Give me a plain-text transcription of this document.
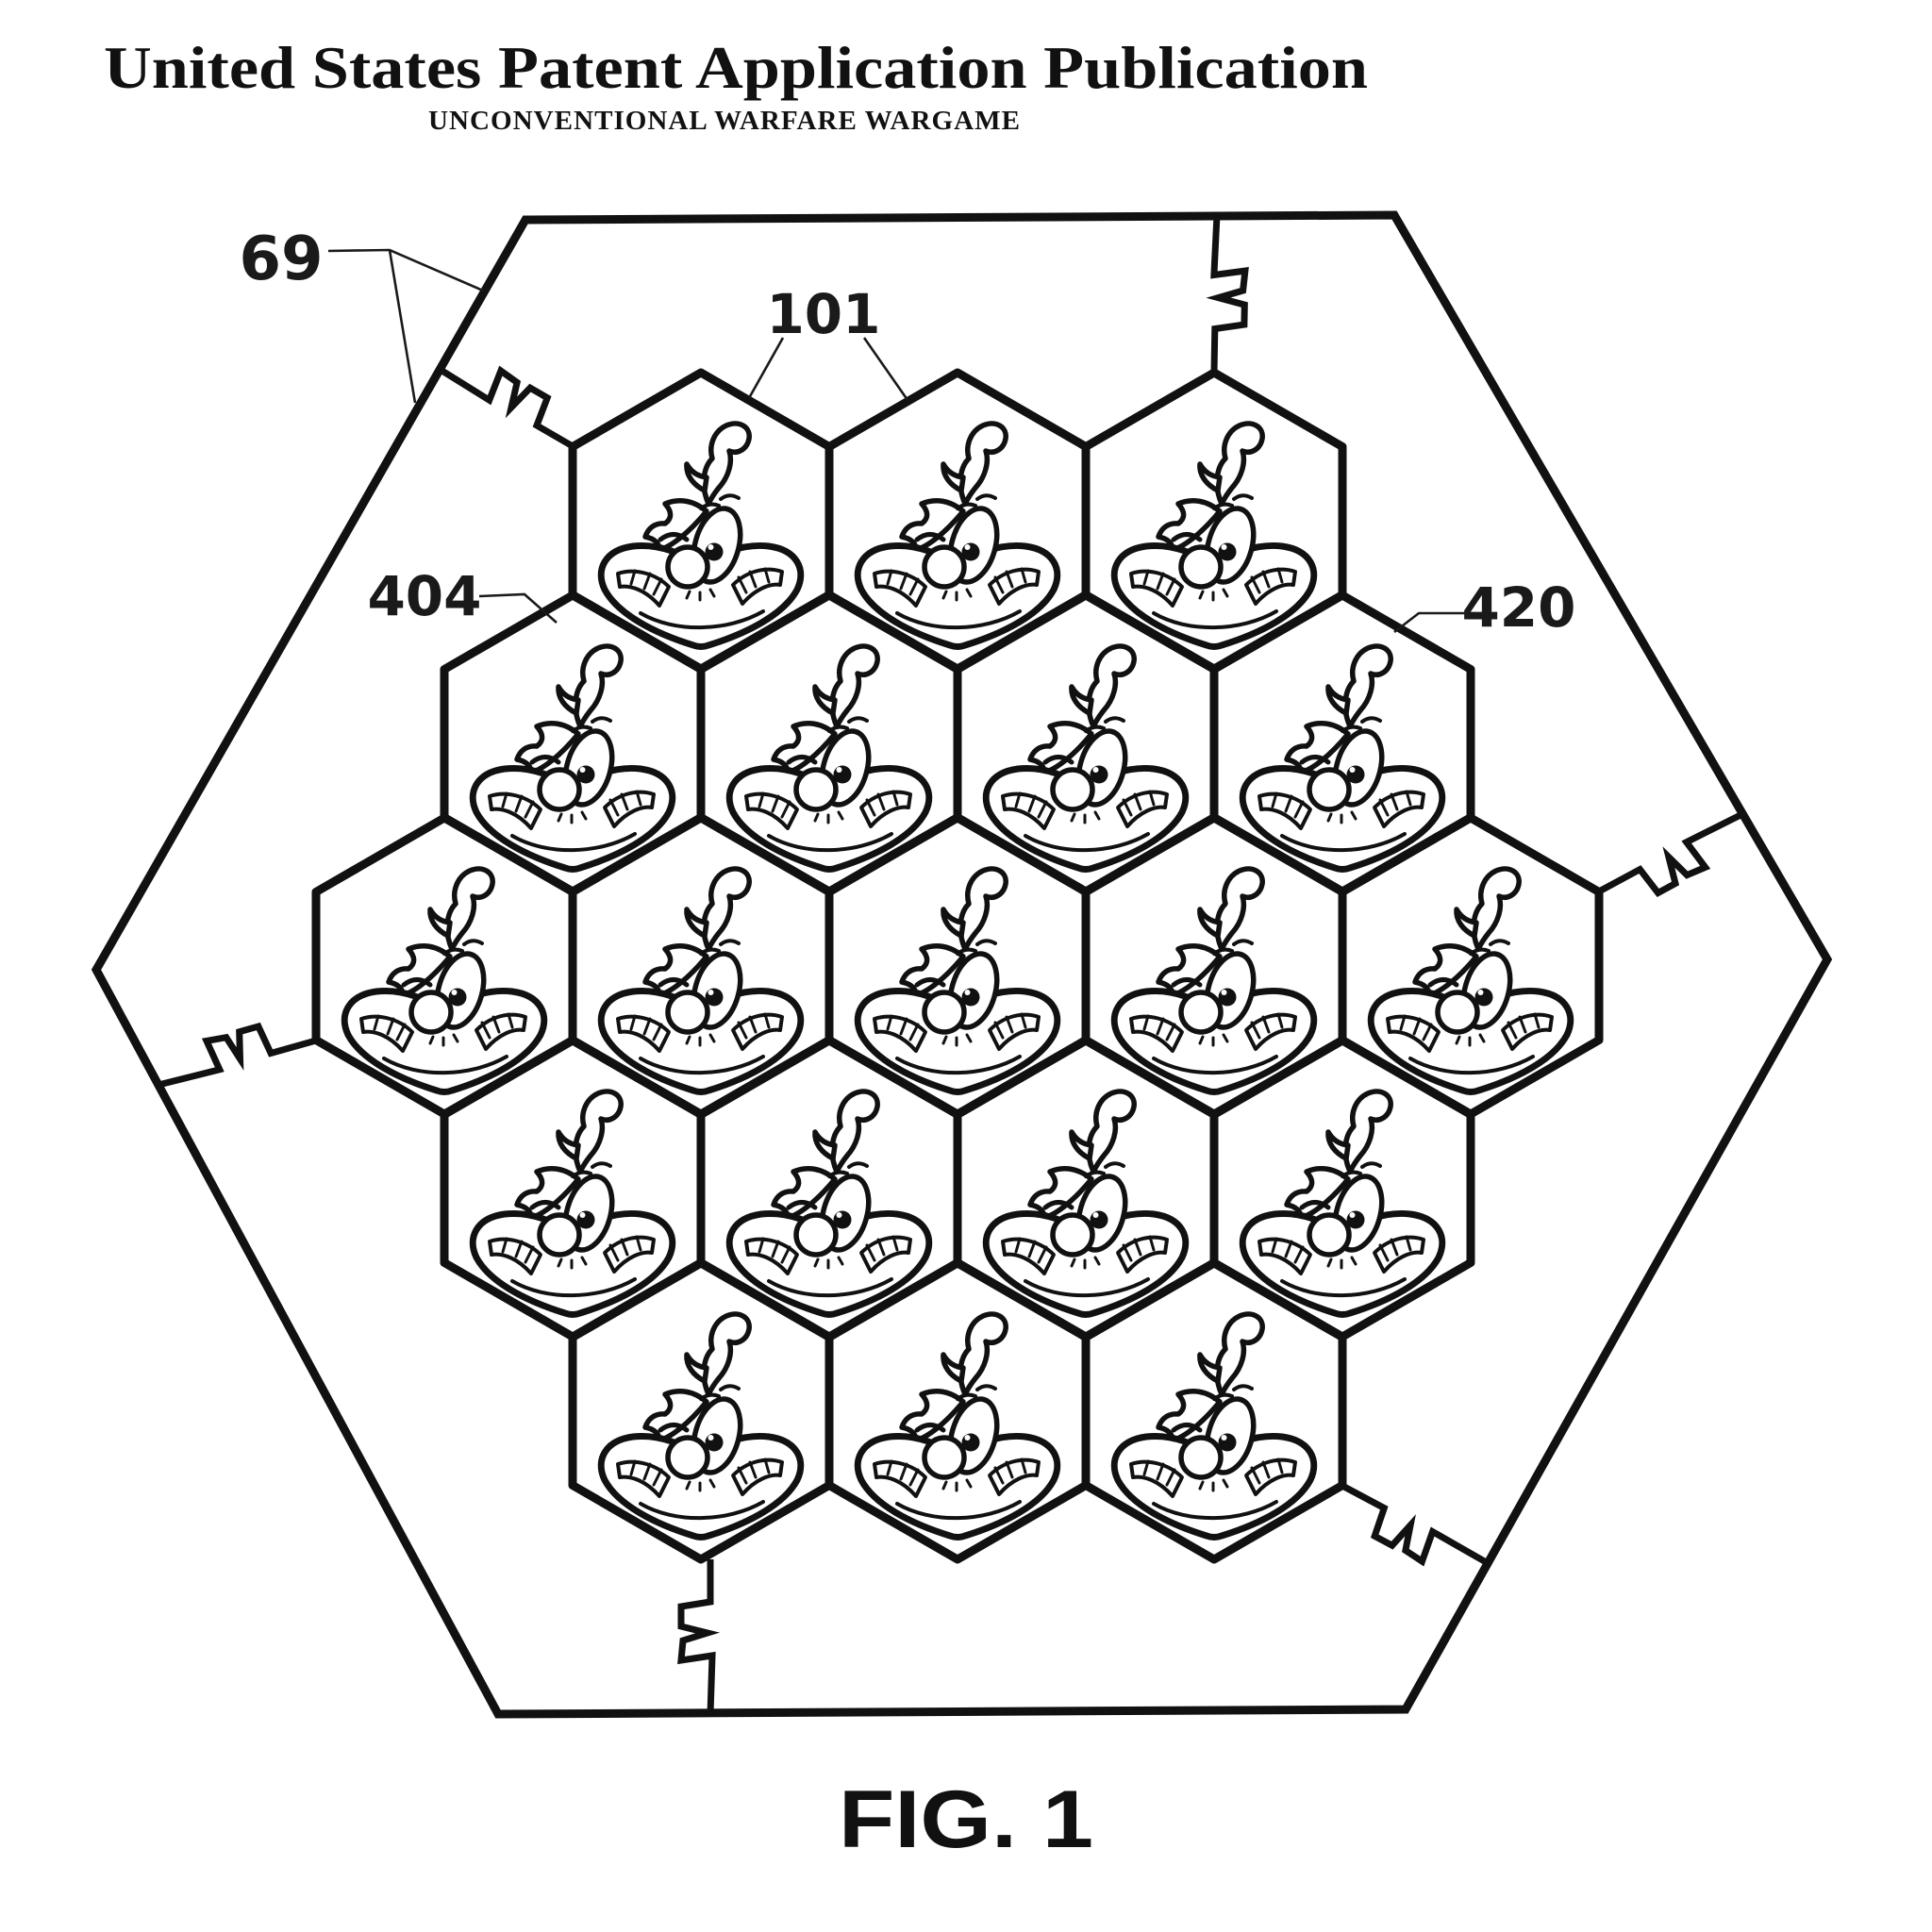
United States Patent Application Publication
UNCONVENTIONAL WARFARE WARGAME
69
101
404	420
FIG. 1
